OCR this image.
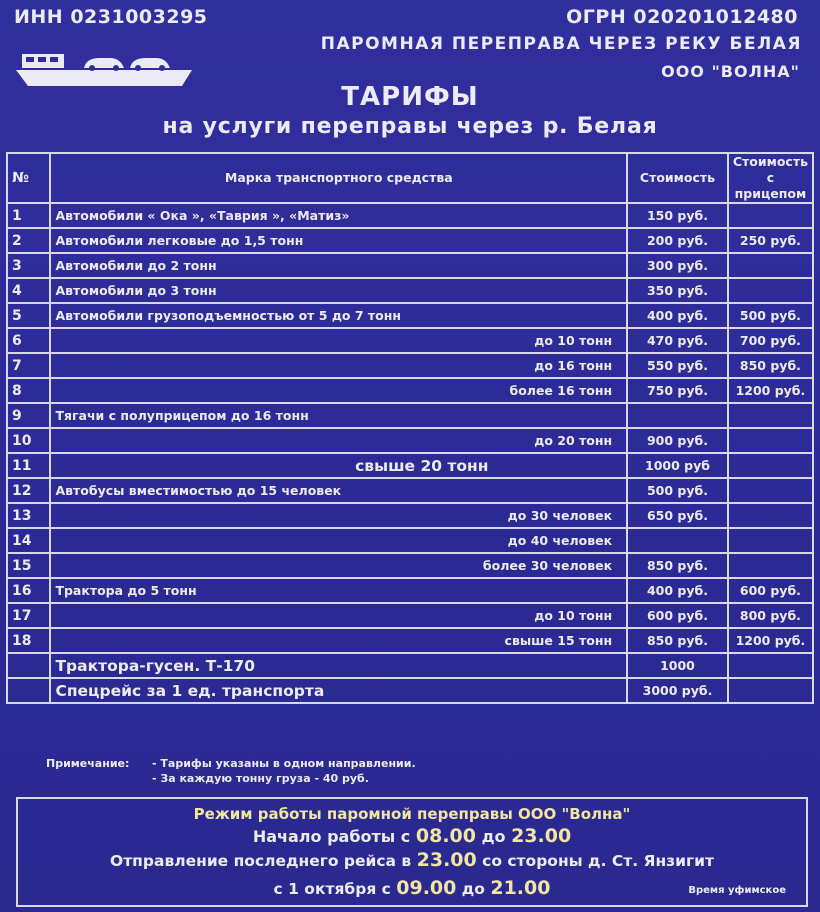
ИНН 0231003295	ОГРН 020201012480
ПАРОМНАЯ ПЕРЕПРАВА ЧЕРЕЗ РЕКУ БЕЛАЯ
ООО "ВОЛНА"
ТАРИФЫ
на услуги переправы через р. Белая
№	Марка транспортного средства	Стоимость	Стоимость с прицепом
1	Автомобили « Ока », «Таврия », «Матиз»	150 руб.	
2	Автомобили легковые до 1,5 тонн	200 руб.	250 руб.
3	Автомобили до 2 тонн	300 руб.	
4	Автомобили до 3 тонн	350 руб.	
5	Автомобили грузоподъемностью от 5 до 7 тонн	400 руб.	500 руб.
6	до 10 тонн	470 руб.	700 руб.
7	до 16 тонн	550 руб.	850 руб.
8	более 16 тонн	750 руб.	1200 руб.
9	Тягачи с полуприцепом до 16 тонн		
10	до 20 тонн	900 руб.	
11	свыше 20 тонн	1000 руб	
12	Автобусы вместимостью до 15 человек	500 руб.	
13	до 30 человек	650 руб.	
14	до 40 человек		
15	более 30 человек	850 руб.	
16	Трактора до 5 тонн	400 руб.	600 руб.
17	до 10 тонн	600 руб.	800 руб.
18	свыше 15 тонн	850 руб.	1200 руб.
	Трактора-гусен. Т-170	1000	
	Спецрейс за 1 ед. транспорта	3000 руб.	
Примечание:	- Тарифы указаны в одном направлении.
- За каждую тонну груза - 40 руб.
Режим работы паромной переправы ООО "Волна"
Начало работы с 08.00 до 23.00
Отправление последнего рейса в 23.00 со стороны д. Ст. Янзигит
с 1 октября с 09.00 до 21.00	Время уфимское
